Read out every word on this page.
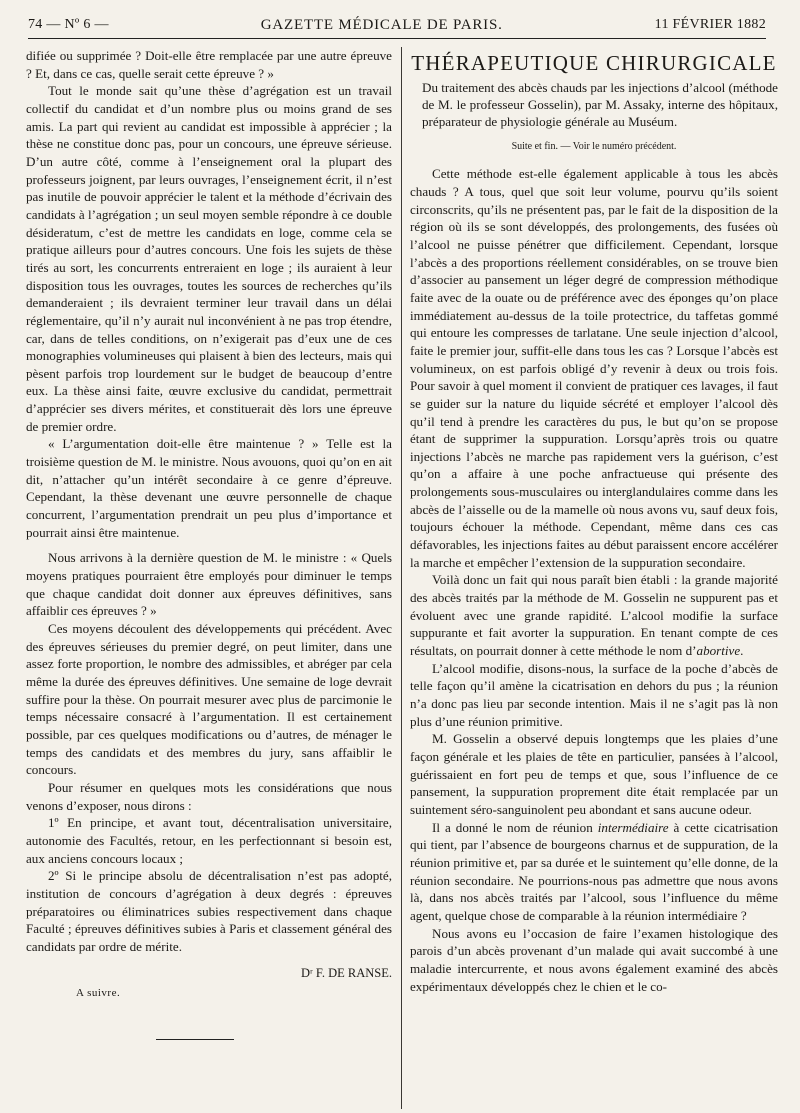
74 — Nº 6 —	GAZETTE MÉDICALE DE PARIS.	11 FÉVRIER 1882

difiée ou supprimée ? Doit-elle être remplacée par une autre épreuve ? Et, dans ce cas, quelle serait cette épreuve ? »

Tout le monde sait qu’une thèse d’agrégation est un travail collectif du candidat et d’un nombre plus ou moins grand de ses amis. La part qui revient au candidat est impossible à apprécier ; la thèse ne constitue donc pas, pour un concours, une épreuve sérieuse. D’un autre côté, comme à l’enseignement oral la plupart des professeurs joignent, par leurs ouvrages, l’enseignement écrit, il n’est pas inutile de pouvoir apprécier le talent et la méthode d’écrivain des candidats à l’agrégation ; un seul moyen semble répondre à ce double désideratum, c’est de mettre les candidats en loge, comme cela se pratique ailleurs pour d’autres concours. Une fois les sujets de thèse tirés au sort, les concurrents entreraient en loge ; ils auraient à leur disposition tous les ouvrages, toutes les sources de recherches qu’ils demanderaient ; ils devraient terminer leur travail dans un délai réglementaire, qu’il n’y aurait nul inconvénient à ne pas trop étendre, car, dans de telles conditions, on n’exigerait pas d’eux une de ces monographies volumineuses qui plaisent à bien des lecteurs, mais qui pèsent parfois trop lourdement sur le budget de beaucoup d’entre eux. La thèse ainsi faite, œuvre exclusive du candidat, permettrait d’apprécier ses divers mérites, et constituerait dès lors une épreuve de premier ordre.

« L’argumentation doit-elle être maintenue ? » Telle est la troisième question de M. le ministre. Nous avouons, quoi qu’on en ait dit, n’attacher qu’un intérêt secondaire à ce genre d’épreuve. Cependant, la thèse devenant une œuvre personnelle de chaque concurrent, l’argumentation prendrait un peu plus d’importance et pourrait ainsi être maintenue.

Nous arrivons à la dernière question de M. le ministre : « Quels moyens pratiques pourraient être employés pour diminuer le temps que chaque candidat doit donner aux épreuves définitives, sans affaiblir ces épreuves ? »

Ces moyens découlent des développements qui précédent. Avec des épreuves sérieuses du premier degré, on peut limiter, dans une assez forte proportion, le nombre des admissibles, et abréger par cela même la durée des épreuves définitives. Une semaine de loge devrait suffire pour la thèse. On pourrait mesurer avec plus de parcimonie le temps nécessaire consacré à l’argumentation. Il est certainement possible, par ces quelques modifications ou d’autres, de ménager le temps des candidats et des membres du jury, sans affaiblir le concours.

Pour résumer en quelques mots les considérations que nous venons d’exposer, nous dirons :

1º En principe, et avant tout, décentralisation universitaire, autonomie des Facultés, retour, en les perfectionnant si besoin est, aux anciens concours locaux ;

2º Si le principe absolu de décentralisation n’est pas adopté, institution de concours d’agrégation à deux degrés : épreuves préparatoires ou éliminatrices subies respectivement dans chaque Faculté ; épreuves définitives subies à Paris et classement général des candidats par ordre de mérite.

Dʳ F. DE RANSE.
A suivre.
THÉRAPEUTIQUE CHIRURGICALE

Du traitement des abcès chauds par les injections d’alcool (méthode de M. le professeur Gosselin), par M. Assaky, interne des hôpitaux, préparateur de physiologie générale au Muséum.

Suite et fin. — Voir le numéro précédent.

Cette méthode est-elle également applicable à tous les abcès chauds ? A tous, quel que soit leur volume, pourvu qu’ils soient circonscrits, qu’ils ne présentent pas, par le fait de la disposition de la région où ils se sont développés, des prolongements, des fusées où l’alcool ne puisse pénétrer que difficilement. Cependant, lorsque l’abcès a des proportions réellement considérables, on se trouve bien d’associer au pansement un léger degré de compression méthodique faite avec de la ouate ou de préférence avec des éponges qu’on place immédiatement au-dessus de la toile protectrice, du taffetas gommé qui entoure les compresses de tarlatane. Une seule injection d’alcool, faite le premier jour, suffit-elle dans tous les cas ? Lorsque l’abcès est volumineux, on est parfois obligé d’y revenir à deux ou trois fois. Pour savoir à quel moment il convient de pratiquer ces lavages, il faut se guider sur la nature du liquide sécrété et employer l’alcool dès qu’il tend à prendre les caractères du pus, le but qu’on se propose étant de supprimer la suppuration. Lorsqu’après trois ou quatre injections l’abcès ne marche pas rapidement vers la guérison, c’est qu’on a affaire à une poche anfractueuse qui présente des prolongements sous-musculaires ou interglandulaires comme dans les abcès de l’aisselle ou de la mamelle où nous avons vu, sauf deux fois, toujours échouer la méthode. Cependant, même dans ces cas défavorables, les injections faites au début paraissent encore accélérer la marche et empêcher l’extension de la suppuration secondaire.

Voilà donc un fait qui nous paraît bien établi : la grande majorité des abcès traités par la méthode de M. Gosselin ne suppurent pas et évoluent avec une grande rapidité. L’alcool modifie la surface suppurante et fait avorter la suppuration. En tenant compte de ces résultats, on pourrait donner à cette méthode le nom d’abortive.

L’alcool modifie, disons-nous, la surface de la poche d’abcès de telle façon qu’il amène la cicatrisation en dehors du pus ; la réunion n’a donc pas lieu par seconde intention. Mais il ne s’agit pas là non plus d’une réunion primitive.

M. Gosselin a observé depuis longtemps que les plaies d’une façon générale et les plaies de tête en particulier, pansées à l’alcool, guérissaient en fort peu de temps et que, sous l’influence de ce pansement, la suppuration proprement dite était remplacée par un suintement séro-sanguinolent peu abondant et sans aucune odeur.

Il a donné le nom de réunion intermédiaire à cette cicatrisation qui tient, par l’absence de bourgeons charnus et de suppuration, de la réunion primitive et, par sa durée et le suintement qu’elle donne, de la réunion secondaire. Ne pourrions-nous pas admettre que nous avons là, dans nos abcès traités par l’alcool, sous l’influence du même agent, quelque chose de comparable à la réunion intermédiaire ?

Nous avons eu l’occasion de faire l’examen histologique des parois d’un abcès provenant d’un malade qui avait succombé à une maladie intercurrente, et nous avons également examiné des abcès expérimentaux développés chez le chien et le co-
